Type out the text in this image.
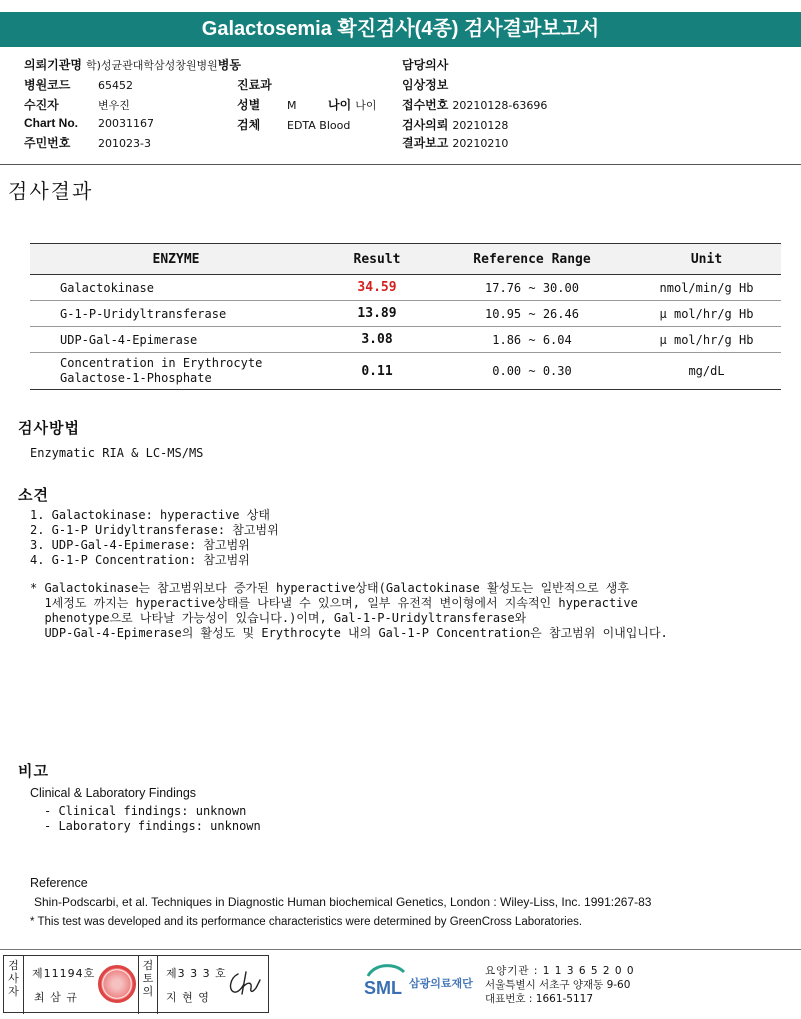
Galactosemia 확진검사(4종) 검사결과보고서
의뢰기관명 학)성균관대학삼성창원병원병동	담당의사
병원코드	65452	진료과	임상정보
수진자	변우진	성별 M	나이 나이 접수번호 20210128-63696
Chart No. 20031167	검체 EDTA Blood	검사의뢰 20210128
주민번호	201023-3	결과보고 20210210
검사결과
ENZYME	Result	Reference Range	Unit
Galactokinase	34.59	17.76 ~ 30.00	nmol/min/g Hb
G-1-P-Uridyltransferase	13.89	10.95 ~ 26.46	μ mol/hr/g Hb
UDP-Gal-4-Epimerase	3.08	1.86 ~ 6.04	μ mol/hr/g Hb

Concentration in Erythrocyte
Galactose-1-Phosphate	0.11	0.00 ~ 0.30	mg/dL
검사방법
Enzymatic RIA & LC-MS/MS
소견
1. Galactokinase: hyperactive 상태
2. G-1-P Uridyltransferase: 참고범위
3. UDP-Gal-4-Epimerase: 참고범위
4. G-1-P Concentration: 참고범위
* Galactokinase는 참고범위보다 증가된 hyperactive상태(Galactokinase 활성도는 일반적으로 생후
1세정도 까지는 hyperactive상태를 나타낼 수 있으며, 일부 유전적 변이형에서 지속적인 hyperactive
phenotype으로 나타날 가능성이 있습니다.)이며, Gal-1-P-Uridyltransferase와
UDP-Gal-4-Epimerase의 활성도 및 Erythrocyte 내의 Gal-1-P Concentration은 참고범위 이내입니다.
비고
Clinical & Laboratory Findings
- Clinical findings: unknown
- Laboratory findings: unknown
Reference
Shin-Podscarbi, et al. Techniques in Diagnostic Human biochemical Genetics, London : Wiley-Liss, Inc. 1991:267-83
* This test was developed and its performance characteristics were determined by GreenCross Laboratories.
검사자
제11194호
최 삼 규
검토의
제3 3 3 호
지 현 영	SML 삼광의료재단
요양기관 : 1 1 3 6 5 2 0 0
서울특별시 서초구 양재동 9-60
대표번호 : 1661-5117
